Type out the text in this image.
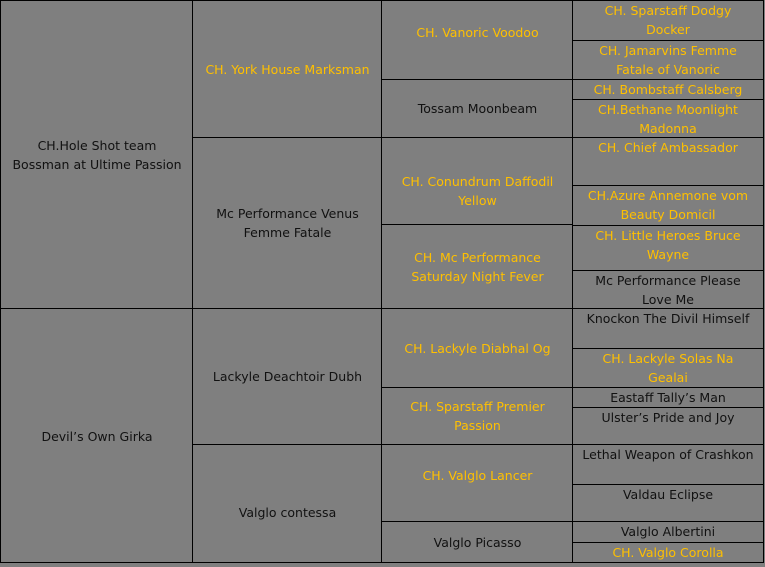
CH.Hole Shot team Bossman at Ultime Passion
Devil’s Own Girka
CH. York House Marksman
Mc Performance Venus Femme Fatale
Lackyle Deachtoir Dubh
Valglo contessa
CH. Vanoric Voodoo
Tossam Moonbeam
CH. Conundrum Daffodil Yellow
CH. Mc Performance Saturday Night Fever
CH. Lackyle Diabhal Og
CH. Sparstaff Premier Passion
CH. Valglo Lancer
Valglo Picasso
CH. Sparstaff Dodgy Docker
CH. Jamarvins Femme Fatale of Vanoric
CH. Bombstaff Calsberg
CH.Bethane Moonlight Madonna
CH. Chief Ambassador
CH.Azure Annemone vom Beauty Domicil
CH. Little Heroes Bruce Wayne
Mc Performance Please Love Me
Knockon The Divil Himself
CH. Lackyle Solas Na Gealai
Eastaff Tally’s Man
Ulster’s Pride and Joy
Lethal Weapon of Crashkon
Valdau Eclipse
Valglo Albertini
CH. Valglo Corolla
